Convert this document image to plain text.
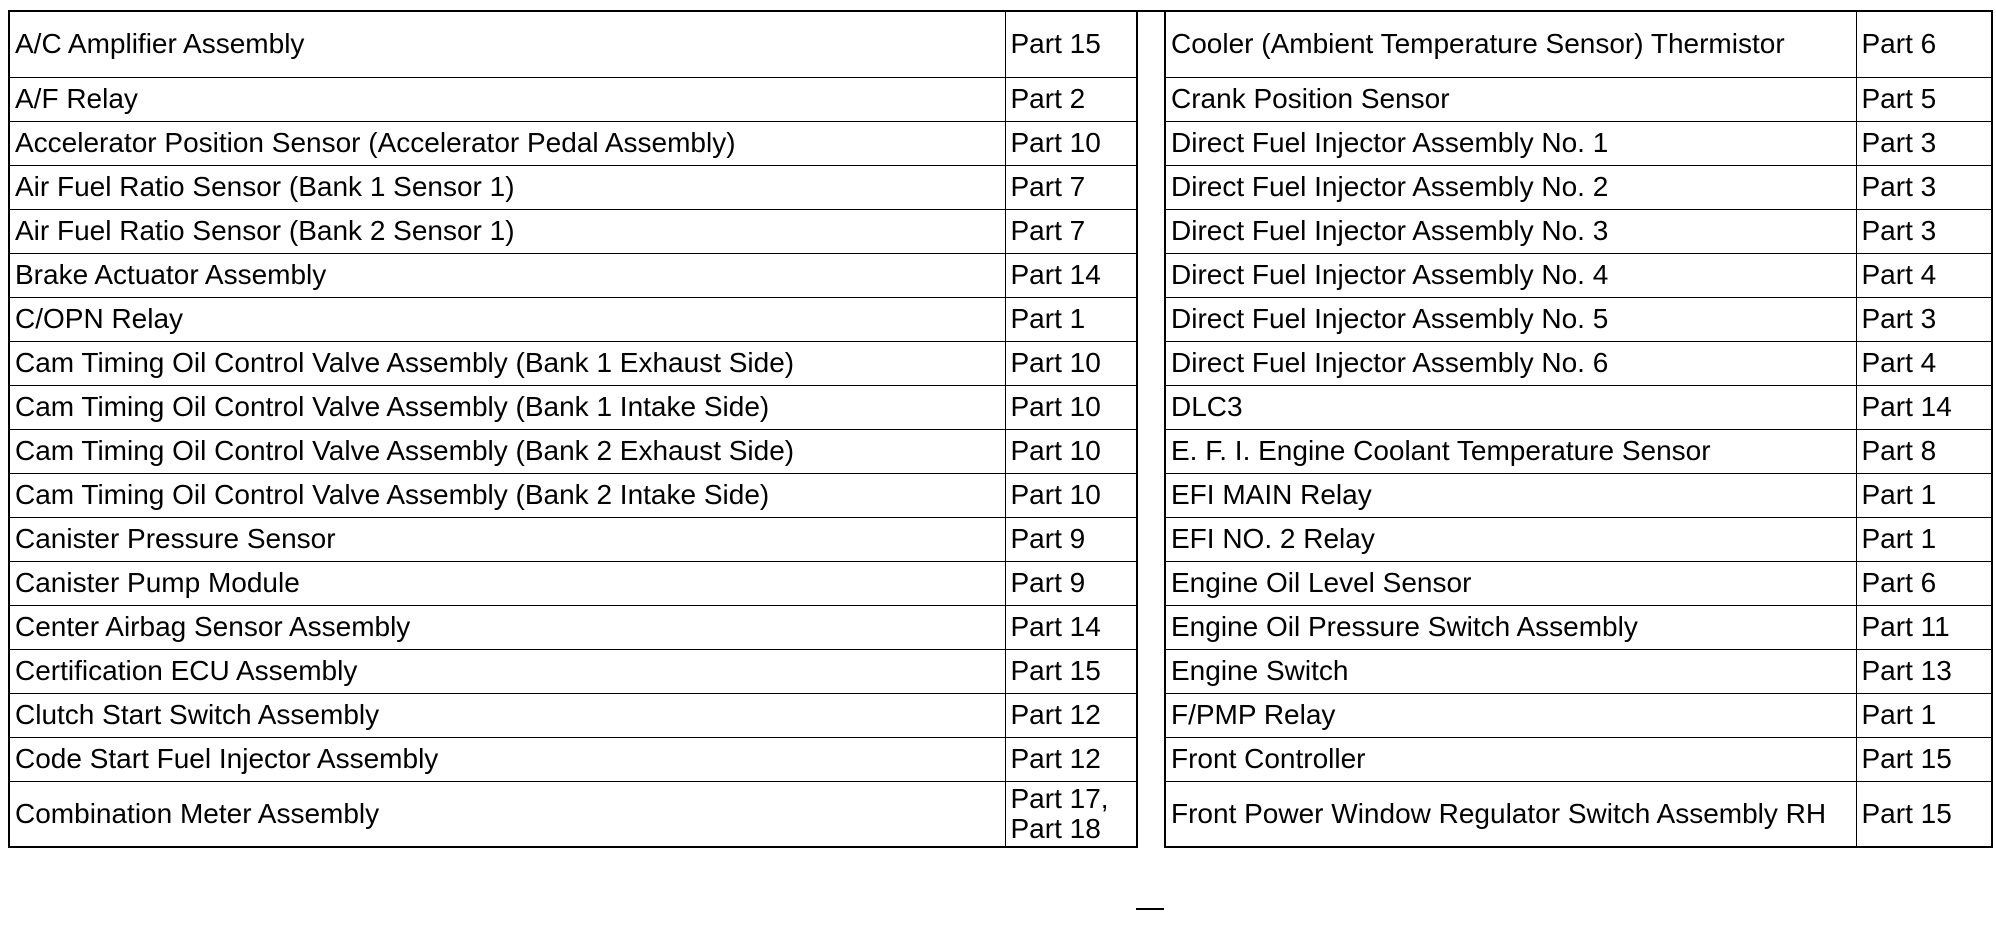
A/C Amplifier Assembly	Part 15
A/F Relay	Part 2
Accelerator Position Sensor (Accelerator Pedal Assembly)	Part 10
Air Fuel Ratio Sensor (Bank 1 Sensor 1)	Part 7
Air Fuel Ratio Sensor (Bank 2 Sensor 1)	Part 7
Brake Actuator Assembly	Part 14
C/OPN Relay	Part 1
Cam Timing Oil Control Valve Assembly (Bank 1 Exhaust Side)	Part 10
Cam Timing Oil Control Valve Assembly (Bank 1 Intake Side)	Part 10
Cam Timing Oil Control Valve Assembly (Bank 2 Exhaust Side)	Part 10
Cam Timing Oil Control Valve Assembly (Bank 2 Intake Side)	Part 10
Canister Pressure Sensor	Part 9
Canister Pump Module	Part 9
Center Airbag Sensor Assembly	Part 14
Certification ECU Assembly	Part 15
Clutch Start Switch Assembly	Part 12
Code Start Fuel Injector Assembly	Part 12
Combination Meter Assembly	Part 17, Part 18
Cooler (Ambient Temperature Sensor) Thermistor	Part 6
Crank Position Sensor	Part 5
Direct Fuel Injector Assembly No. 1	Part 3
Direct Fuel Injector Assembly No. 2	Part 3
Direct Fuel Injector Assembly No. 3	Part 3
Direct Fuel Injector Assembly No. 4	Part 4
Direct Fuel Injector Assembly No. 5	Part 3
Direct Fuel Injector Assembly No. 6	Part 4
DLC3	Part 14
E. F. I. Engine Coolant Temperature Sensor	Part 8
EFI MAIN Relay	Part 1
EFI NO. 2 Relay	Part 1
Engine Oil Level Sensor	Part 6
Engine Oil Pressure Switch Assembly	Part 11
Engine Switch	Part 13
F/PMP Relay	Part 1
Front Controller	Part 15
Front Power Window Regulator Switch Assembly RH	Part 15
